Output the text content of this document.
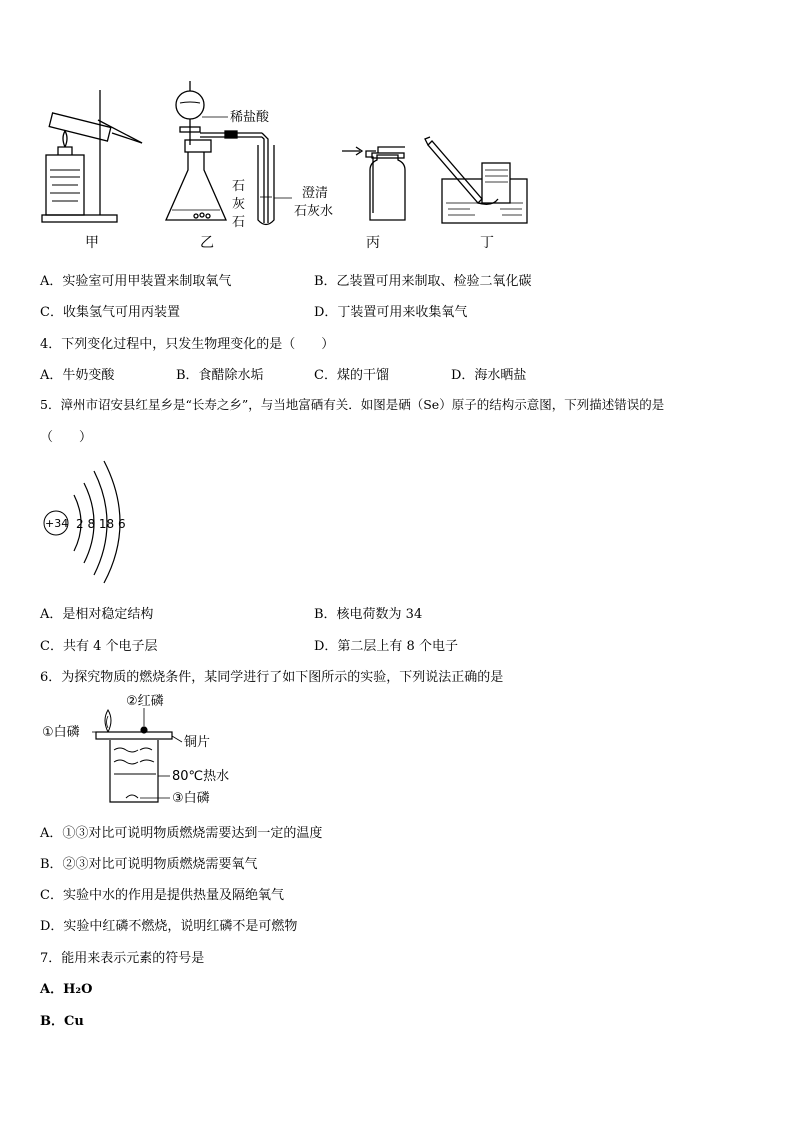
甲	乙	丙	丁
稀盐酸
石
灰
石
澄清
石灰水
A．实验室可用甲装置来制取氧气	B．乙装置可用来制取、检验二氧化碳
C．收集氢气可用丙装置	D．丁装置可用来收集氧气
4．下列变化过程中，只发生物理变化的是（　　）
A．牛奶变酸	B．食醋除水垢	C．煤的干馏	D．海水晒盐
5．漳州市诏安县红星乡是“长寿之乡”，与当地富硒有关．如图是硒（Se）原子的结构示意图，下列描述错误的是
（　　）
+34 2 8 18 6
A．是相对稳定结构	B．核电荷数为 34
C．共有 4 个电子层	D．第二层上有 8 个电子
6．为探究物质的燃烧条件，某同学进行了如下图所示的实验，下列说法正确的是
②红磷
①白磷
铜片
80℃热水
③白磷
A．①③对比可说明物质燃烧需要达到一定的温度
B．②③对比可说明物质燃烧需要氧气
C．实验中水的作用是提供热量及隔绝氧气
D．实验中红磷不燃烧，说明红磷不是可燃物
7．能用来表示元素的符号是
A．H₂O
B．Cu
